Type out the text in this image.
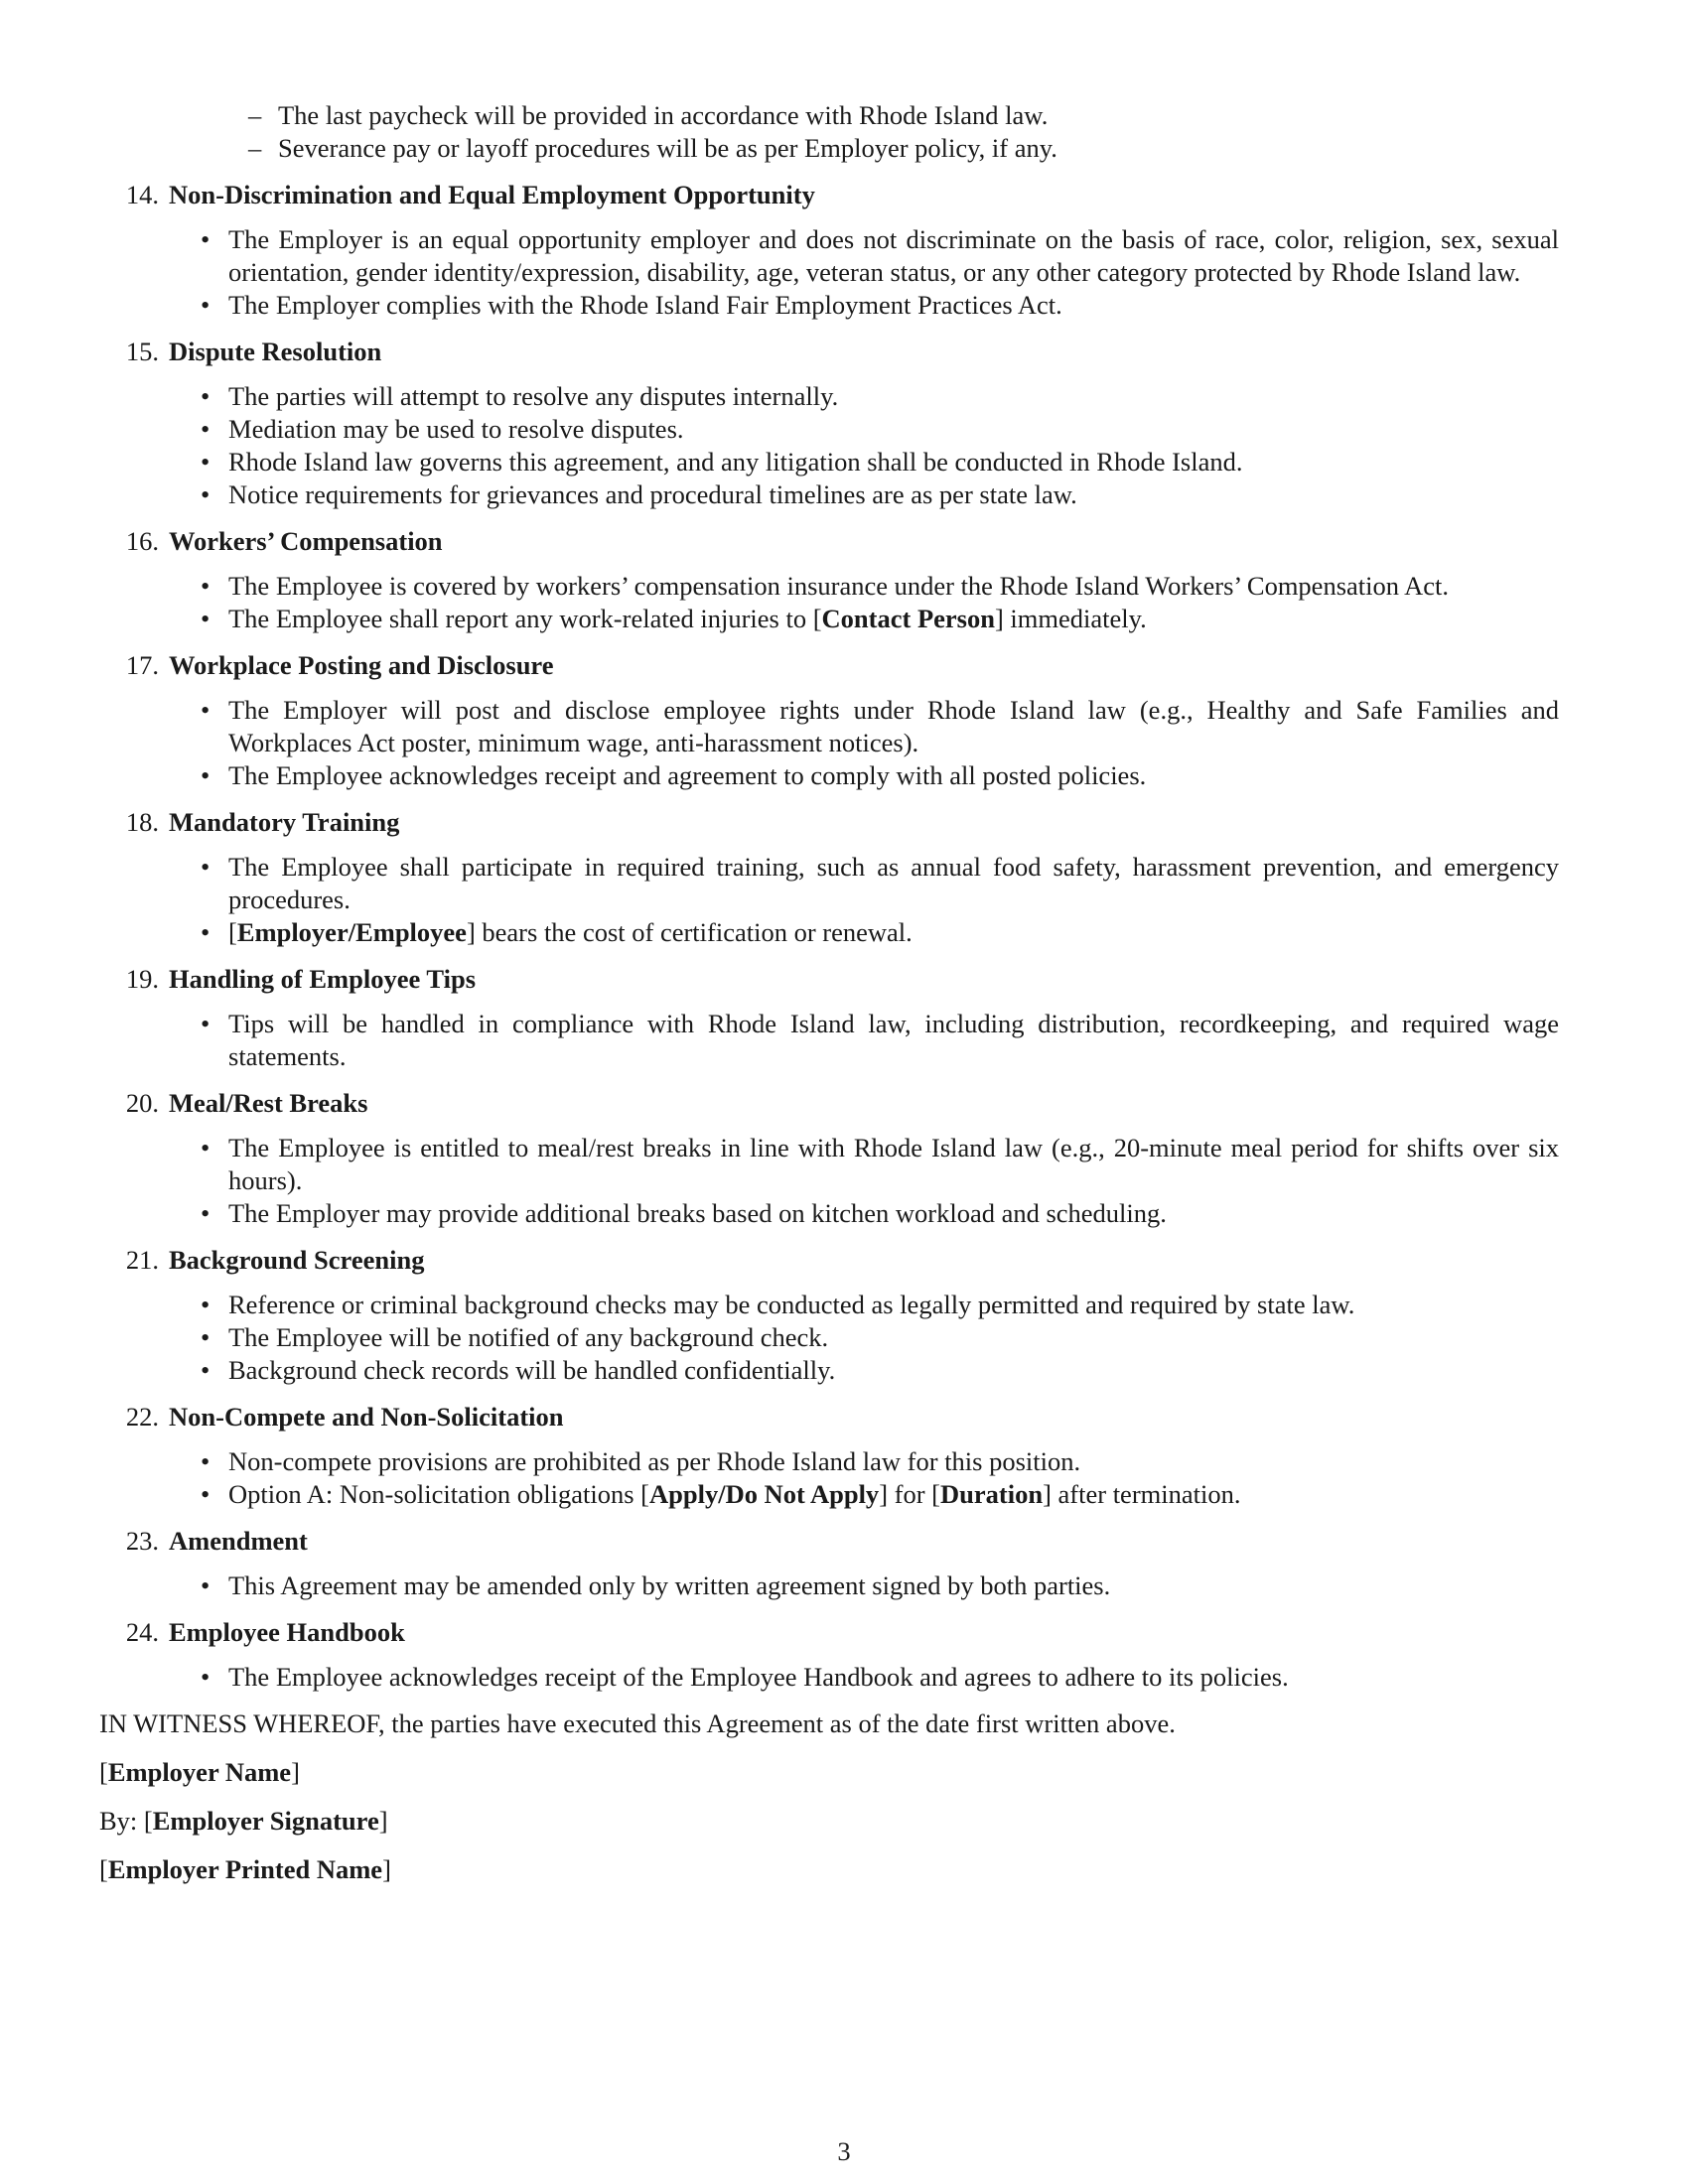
– The last paycheck will be provided in accordance with Rhode Island law.
– Severance pay or layoff procedures will be as per Employer policy, if any.
14. Non-Discrimination and Equal Employment Opportunity
• The Employer is an equal opportunity employer and does not discriminate on the basis of race, color, religion, sex, sexual orientation, gender identity/expression, disability, age, veteran status, or any other category protected by Rhode Island law.
• The Employer complies with the Rhode Island Fair Employment Practices Act.
15. Dispute Resolution
• The parties will attempt to resolve any disputes internally.
• Mediation may be used to resolve disputes.
• Rhode Island law governs this agreement, and any litigation shall be conducted in Rhode Island.
• Notice requirements for grievances and procedural timelines are as per state law.
16. Workers’ Compensation
• The Employee is covered by workers’ compensation insurance under the Rhode Island Workers’ Compensation Act.
• The Employee shall report any work-related injuries to [Contact Person] immediately.
17. Workplace Posting and Disclosure
• The Employer will post and disclose employee rights under Rhode Island law (e.g., Healthy and Safe Families and Workplaces Act poster, minimum wage, anti-harassment notices).
• The Employee acknowledges receipt and agreement to comply with all posted policies.
18. Mandatory Training
• The Employee shall participate in required training, such as annual food safety, harassment prevention, and emergency procedures.
• [Employer/Employee] bears the cost of certification or renewal.
19. Handling of Employee Tips
• Tips will be handled in compliance with Rhode Island law, including distribution, recordkeeping, and required wage statements.
20. Meal/Rest Breaks
• The Employee is entitled to meal/rest breaks in line with Rhode Island law (e.g., 20-minute meal period for shifts over six hours).
• The Employer may provide additional breaks based on kitchen workload and scheduling.
21. Background Screening
• Reference or criminal background checks may be conducted as legally permitted and required by state law.
• The Employee will be notified of any background check.
• Background check records will be handled confidentially.
22. Non-Compete and Non-Solicitation
• Non-compete provisions are prohibited as per Rhode Island law for this position.
• Option A: Non-solicitation obligations [Apply/Do Not Apply] for [Duration] after termination.
23. Amendment
• This Agreement may be amended only by written agreement signed by both parties.
24. Employee Handbook
• The Employee acknowledges receipt of the Employee Handbook and agrees to adhere to its policies.

IN WITNESS WHEREOF, the parties have executed this Agreement as of the date first written above.

[Employer Name]

By: [Employer Signature]

[Employer Printed Name]

3
